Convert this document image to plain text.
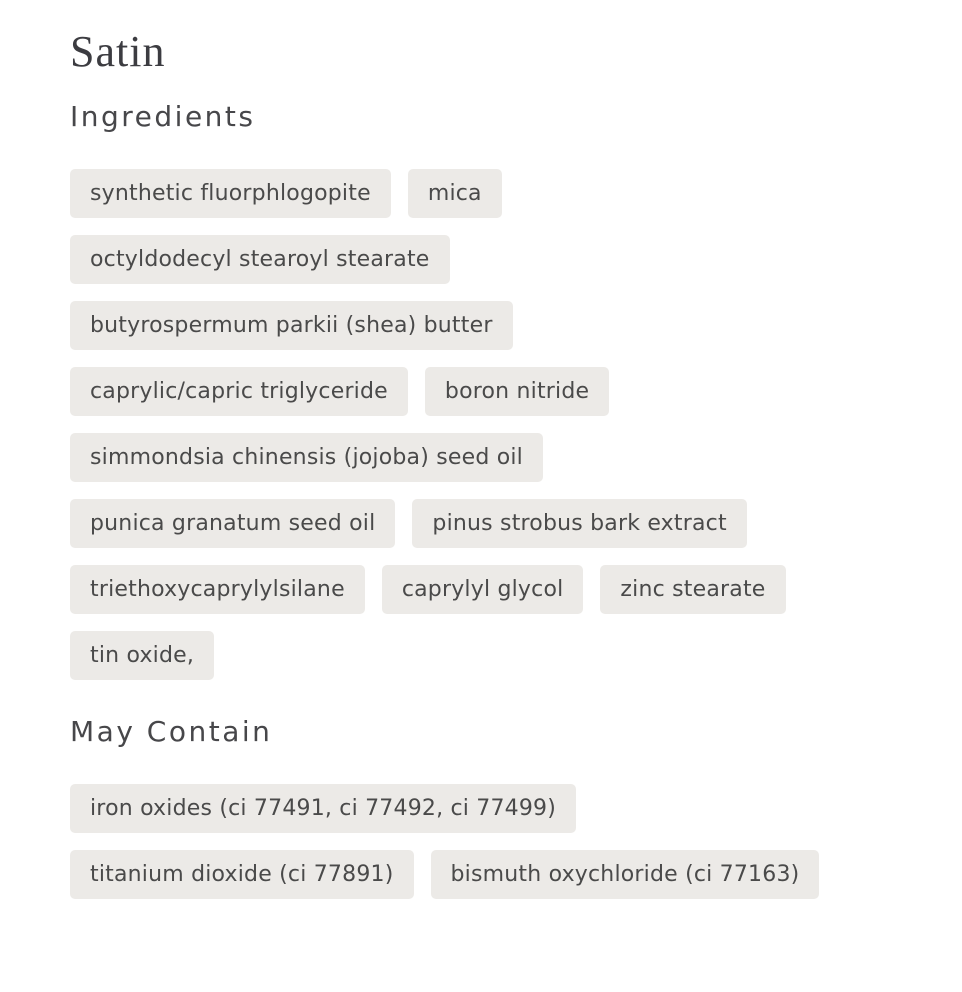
Satin
Ingredients
synthetic fluorphlogopite	mica
octyldodecyl stearoyl stearate
butyrospermum parkii (shea) butter
caprylic/capric triglyceride	boron nitride
simmondsia chinensis (jojoba) seed oil
punica granatum seed oil	pinus strobus bark extract
triethoxycaprylylsilane	caprylyl glycol	zinc stearate
tin oxide,
May Contain
iron oxides (ci 77491, ci 77492, ci 77499)
titanium dioxide (ci 77891)	bismuth oxychloride (ci 77163)
